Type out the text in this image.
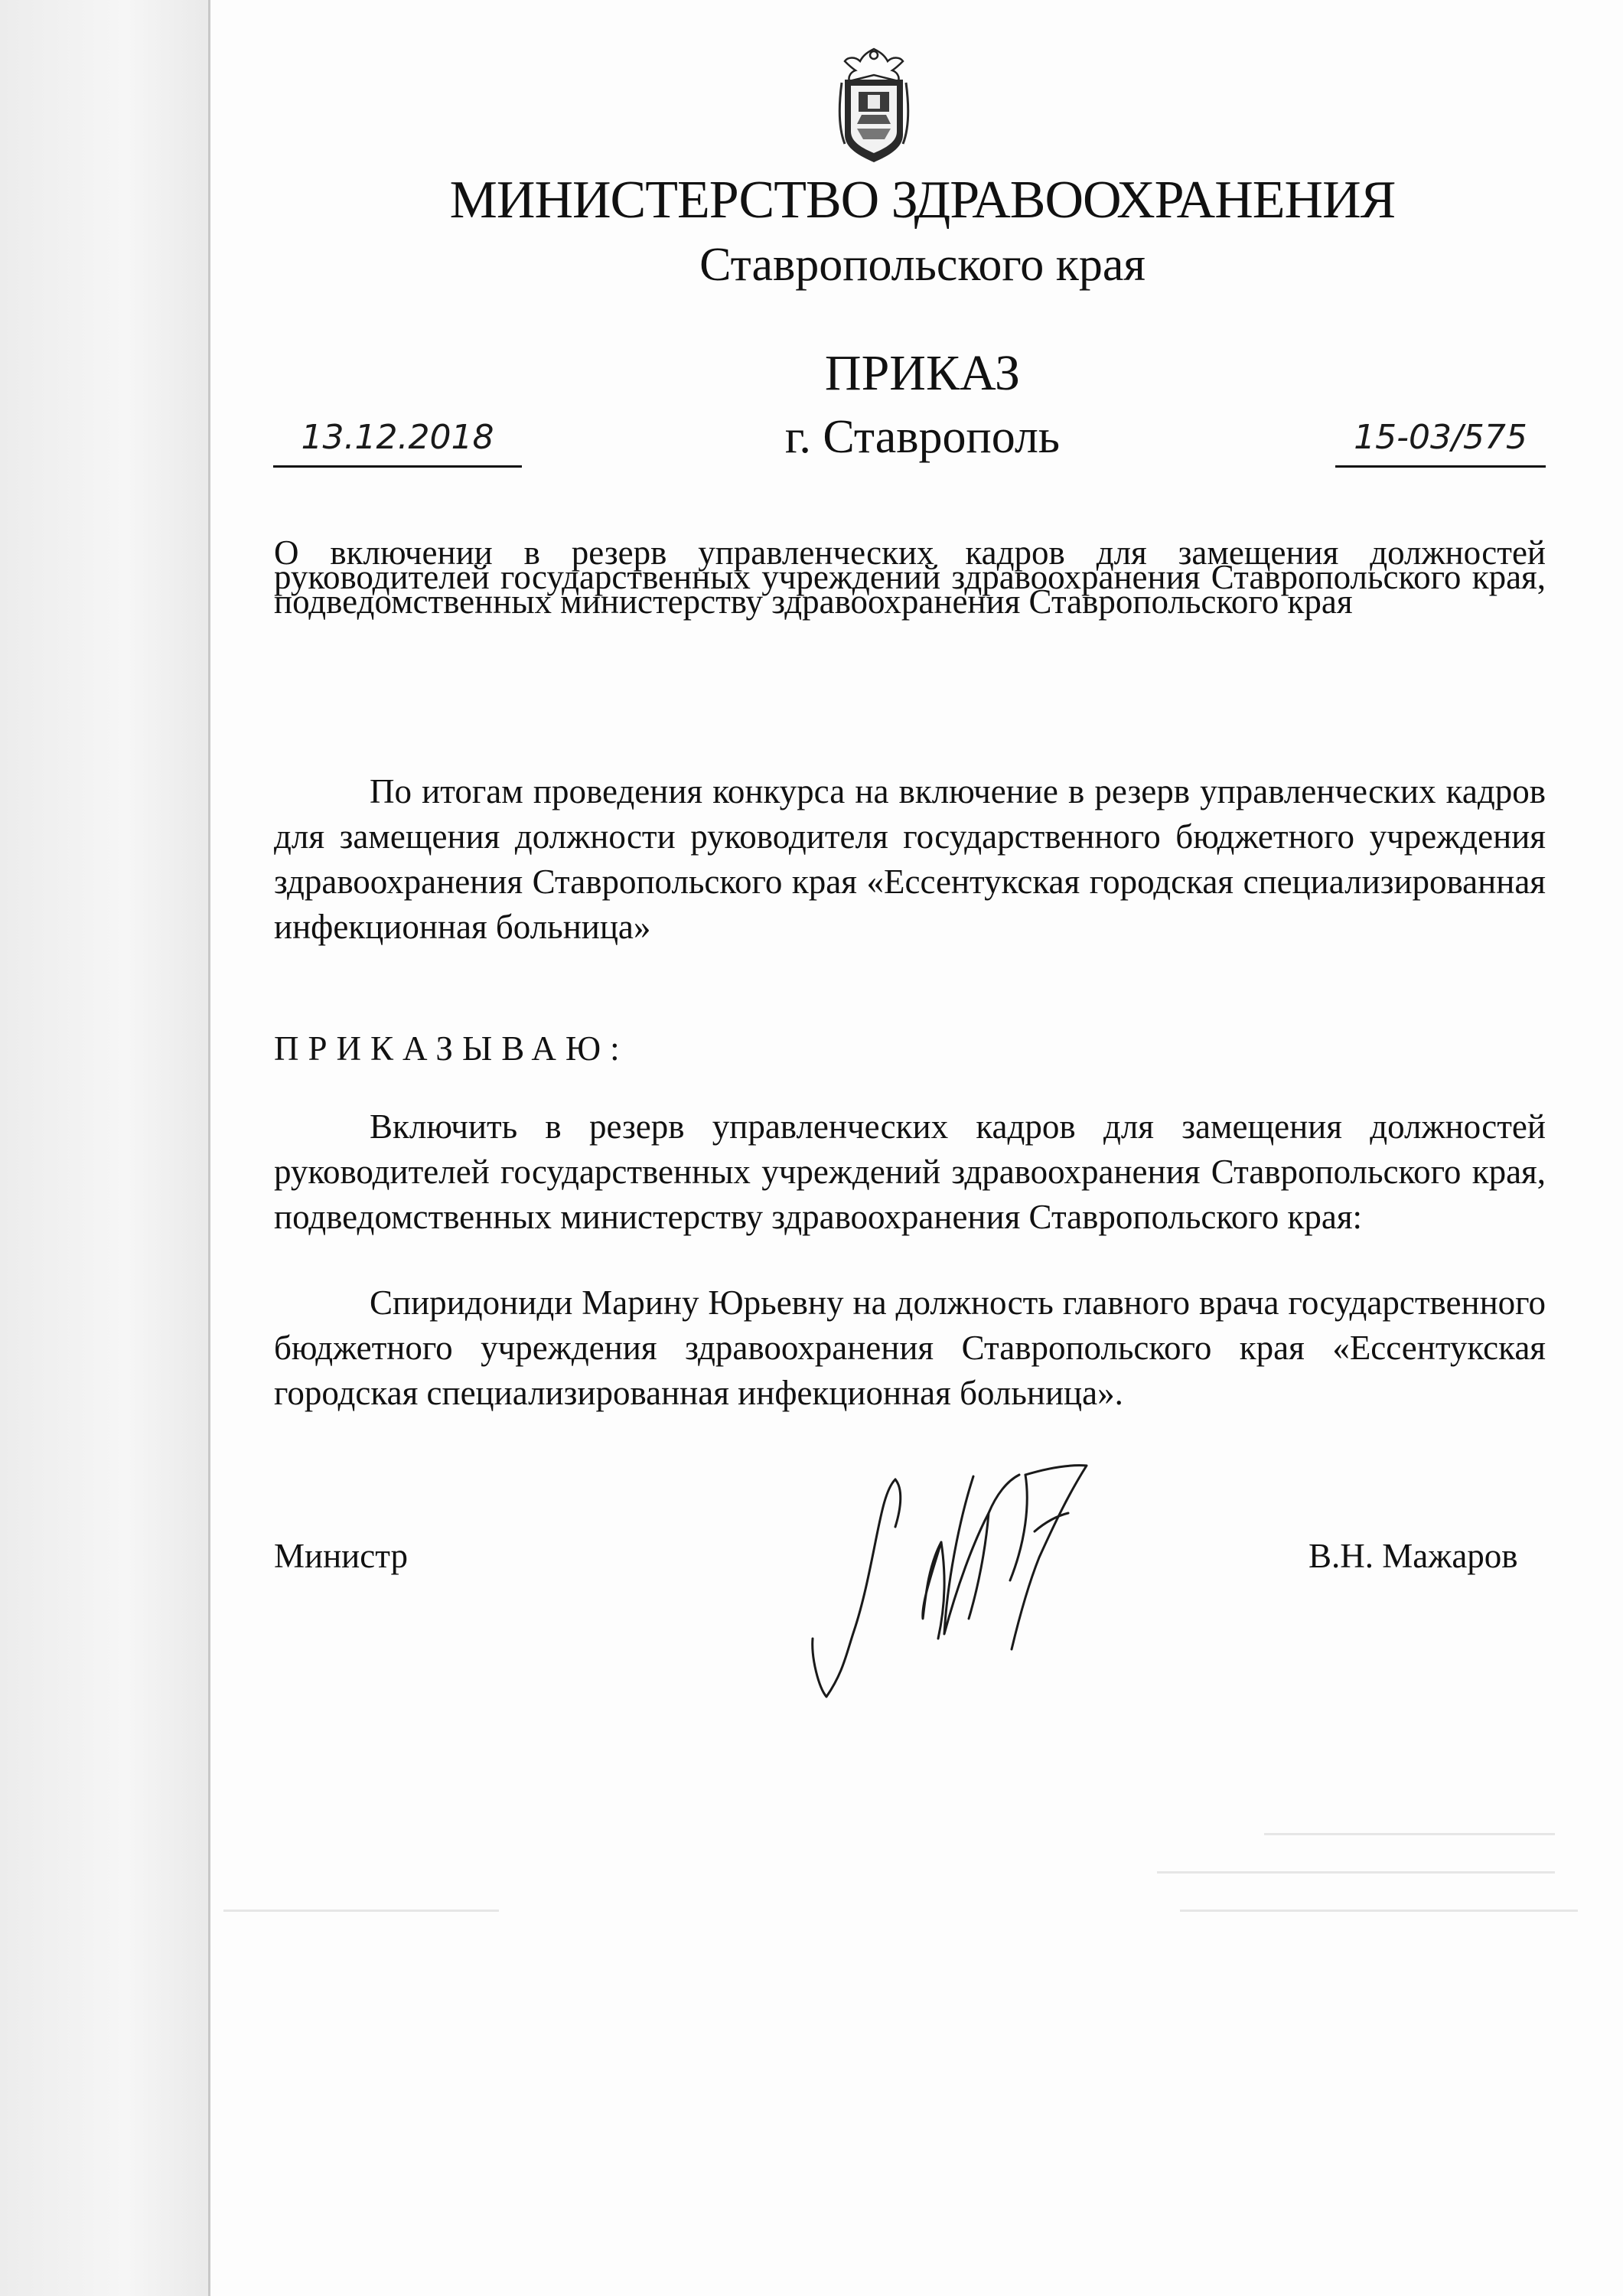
МИНИСТЕРСТВО ЗДРАВООХРАНЕНИЯ
Ставропольского края
ПРИКАЗ
г. Ставрополь
13.12.2018	15-03/575
О включении в резерв управленческих кадров для замещения должностей руководителей государственных учреждений здравоохранения Ставропольского края, подведомственных министерству здравоохранения Ставропольского края
По итогам проведения конкурса на включение в резерв управленческих кадров для замещения должности руководителя государственного бюджетного учреждения здравоохранения Ставропольского края «Ессентукская городская специализированная инфекционная больница»
ПРИКАЗЫВАЮ:
Включить в резерв управленческих кадров для замещения должностей руководителей государственных учреждений здравоохранения Ставропольского края, подведомственных министерству здравоохранения Ставропольского края:
Спиридониди Марину Юрьевну на должность главного врача государственного бюджетного учреждения здравоохранения Ставропольского края «Ессентукская городская специализированная инфекционная больница».
Министр	В.Н. Мажаров
